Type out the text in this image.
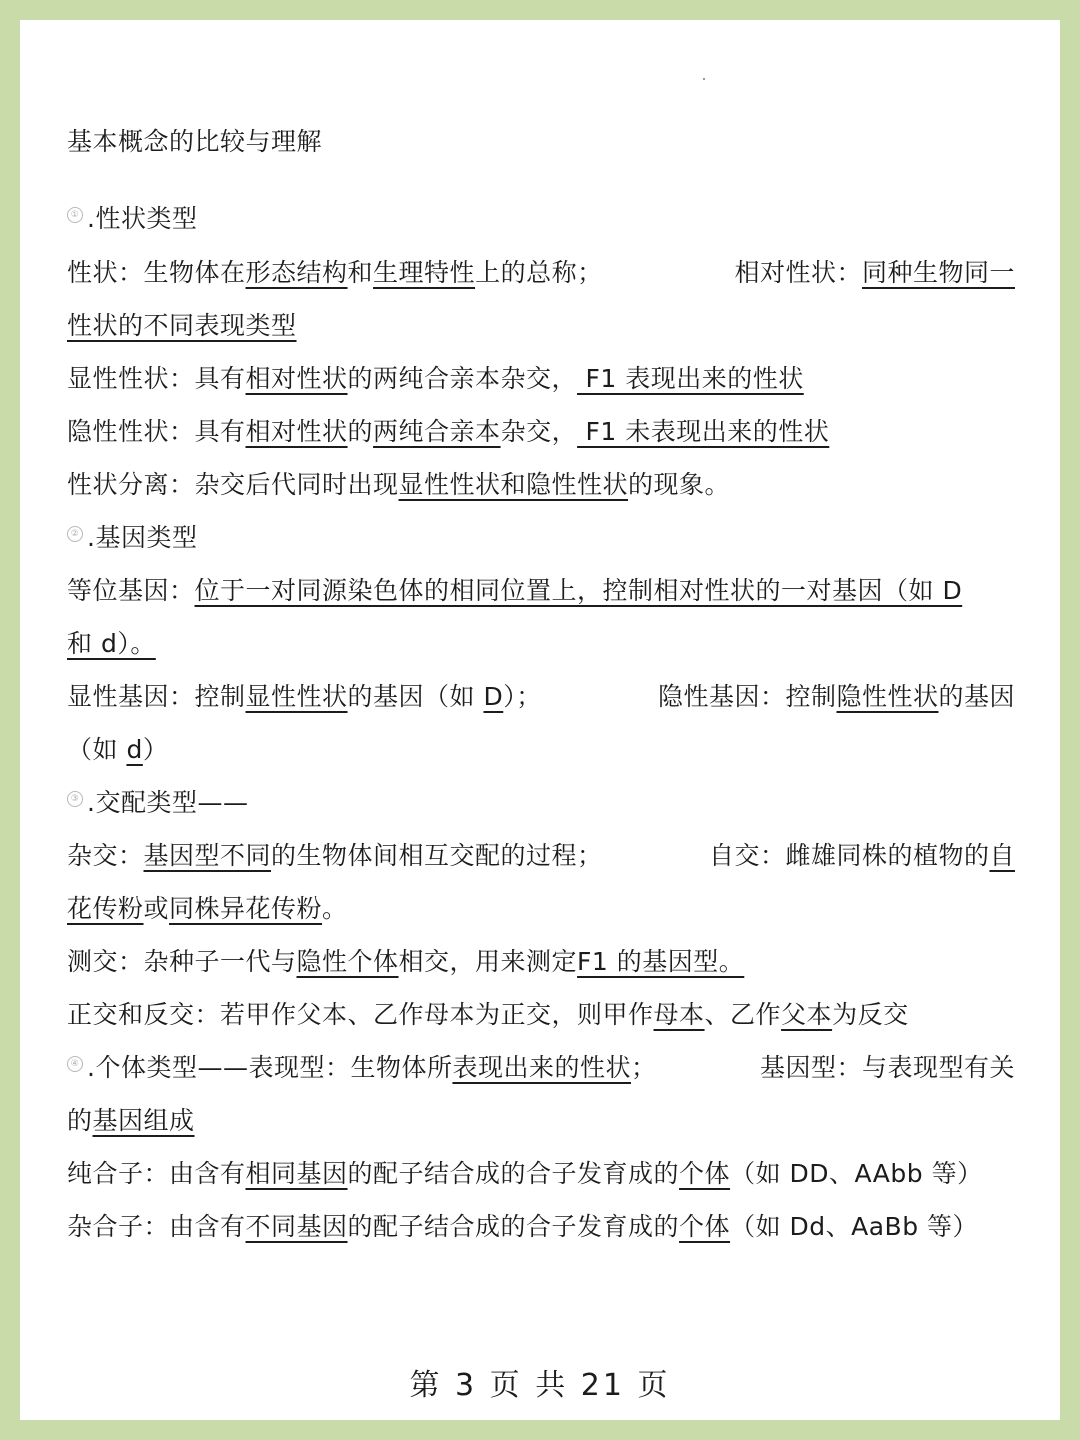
基本概念的比较与理解
① .性状类型
性状：生物体在形态结构和生理特性上的总称；	相对性状：同种生物同一
性状的不同表现类型
显性性状：具有相对性状的两纯合亲本杂交， F1 表现出来的性状
隐性性状：具有相对性状的两纯合亲本杂交， F1 未表现出来的性状
性状分离：杂交后代同时出现显性性状和隐性性状的现象。
② .基因类型
等位基因：位于一对同源染色体的相同位置上，控制相对性状的一对基因（如 D
和 d）。
显性基因：控制显性性状的基因（如 D）；	隐性基因：控制隐性性状的基因
（如 d）
③ .交配类型——
杂交：基因型不同的生物体间相互交配的过程；	自交：雌雄同株的植物的自
花传粉或同株异花传粉。
测交：杂种子一代与隐性个体相交，用来测定F1 的基因型。
正交和反交：若甲作父本、乙作母本为正交，则甲作母本、乙作父本为反交
④ .个体类型——表现型：生物体所表现出来的性状；	基因型：与表现型有关
的基因组成
纯合子：由含有相同基因的配子结合成的合子发育成的个体（如 DD、AAbb 等）
杂合子：由含有不同基因的配子结合成的合子发育成的个体（如 Dd、AaBb 等）
第 3 页 共 21 页
